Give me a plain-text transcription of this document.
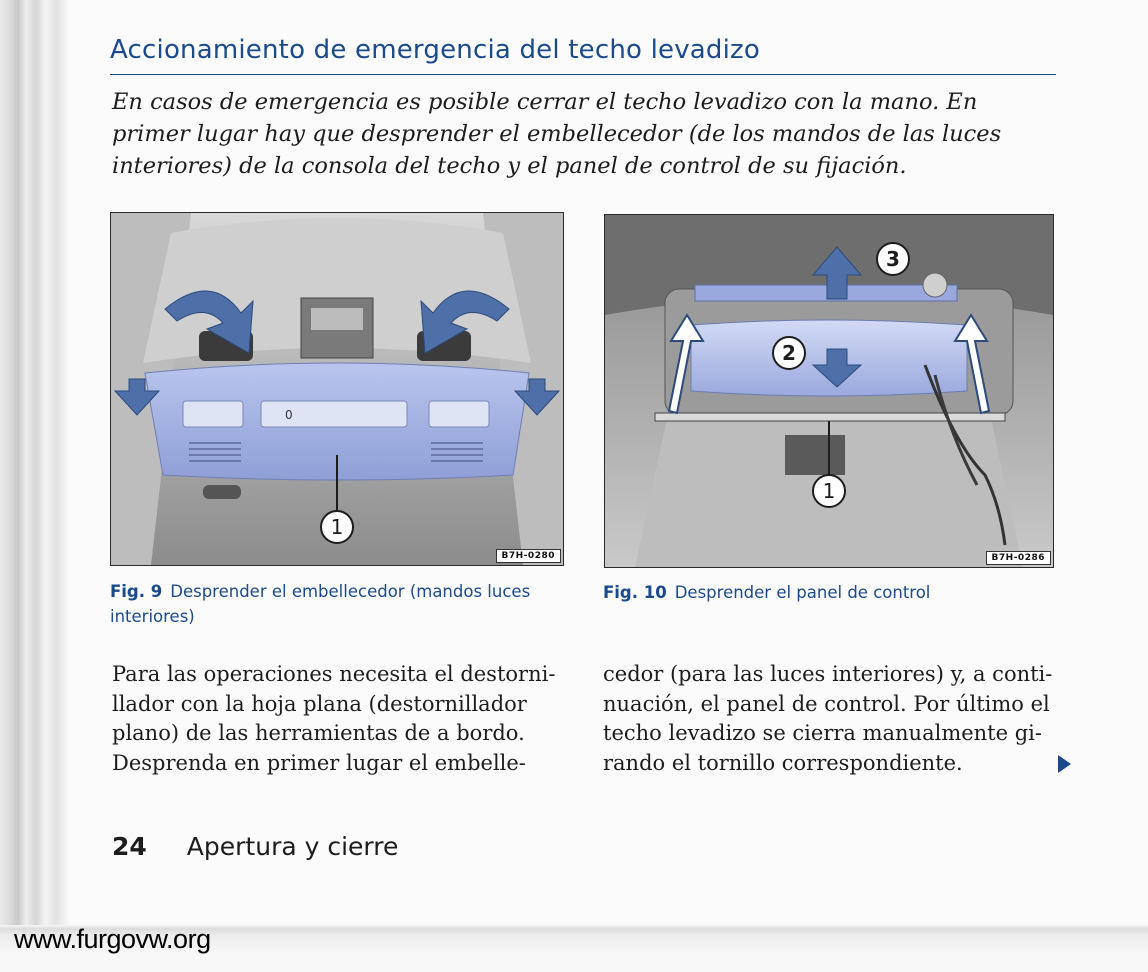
Accionamiento de emergencia del techo levadizo

En casos de emergencia es posible cerrar el techo levadizo con la mano. En primer lugar hay que desprender el embellecedor (de los mandos de las luces interiores) de la consola del techo y el panel de control de su fijación.

0
1
B7H-0280
3
2
1
B7H-0286

Fig. 9 Desprender el embellecedor (mandos luces interiores)

Fig. 10 Desprender el panel de control

Para las operaciones necesita el destorni-
llador con la hoja plana (destornillador
plano) de las herramientas de a bordo.
Desprenda en primer lugar el embelle-

cedor (para las luces interiores) y, a conti-
nuación, el panel de control. Por último el
techo levadizo se cierra manualmente gi-
rando el tornillo correspondiente.

24 Apertura y cierre

www.furgovw.org
